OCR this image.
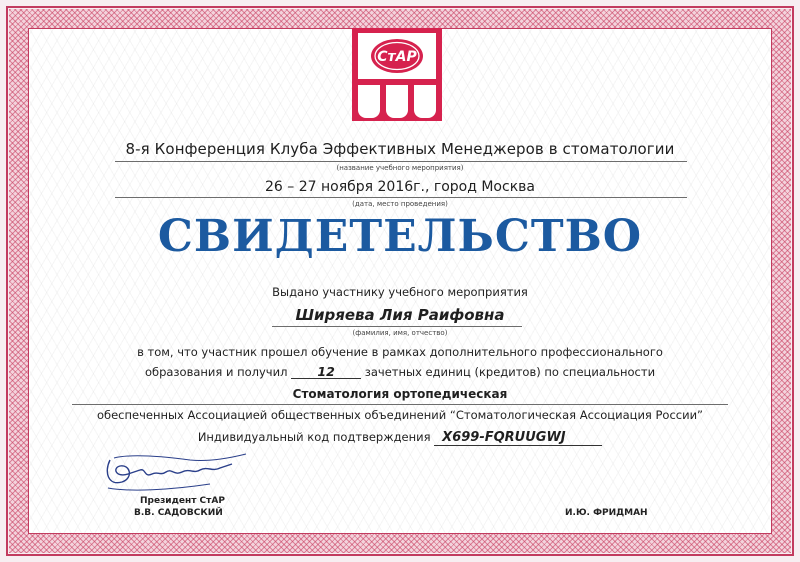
СтАР
8-я Конференция Клуба Эффективных Менеджеров в стоматологии
(название учебного мероприятия)
26 – 27 ноября 2016г., город Москва
(дата, место проведения)
СВИДЕТЕЛЬСТВО
Выдано участнику учебного мероприятия
Ширяева Лия Раифовна
(фамилия, имя, отчество)
в том, что участник прошел обучение в рамках дополнительного профессионального
образования и получил 12	зачетных единиц (кредитов) по специальности
Стоматология ортопедическая
обеспеченных Ассоциацией общественных объединений “Стоматологическая Ассоциация России”
Индивидуальный код подтверждения X699-FQRUUGWJ
Президент СтАР
В.В. САДОВСКИЙ	И.Ю. ФРИДМАН
